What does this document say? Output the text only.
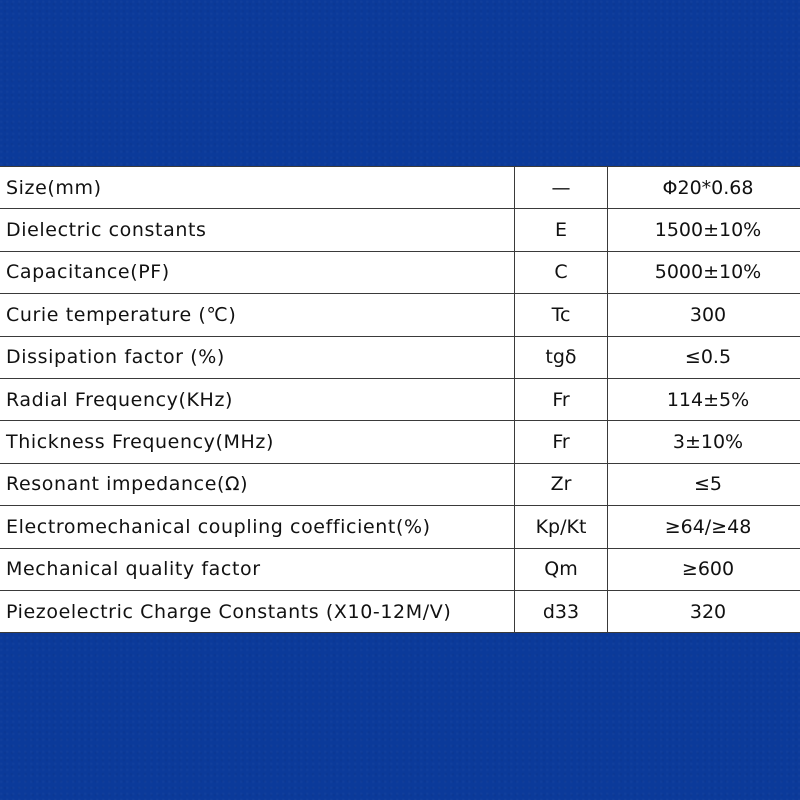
Size(mm)	—	Φ20*0.68
Dielectric constants	E	1500±10%
Capacitance(PF)	C	5000±10%
Curie temperature (℃)	Tc	300
Dissipation factor (%)	tgδ	≤0.5
Radial Frequency(KHz)	Fr	114±5%
Thickness Frequency(MHz)	Fr	3±10%
Resonant impedance(Ω)	Zr	≤5
Electromechanical coupling coefficient(%)	Kp/Kt	≥64/≥48
Mechanical quality factor	Qm	≥600
Piezoelectric Charge Constants (X10-12M/V)	d33	320
